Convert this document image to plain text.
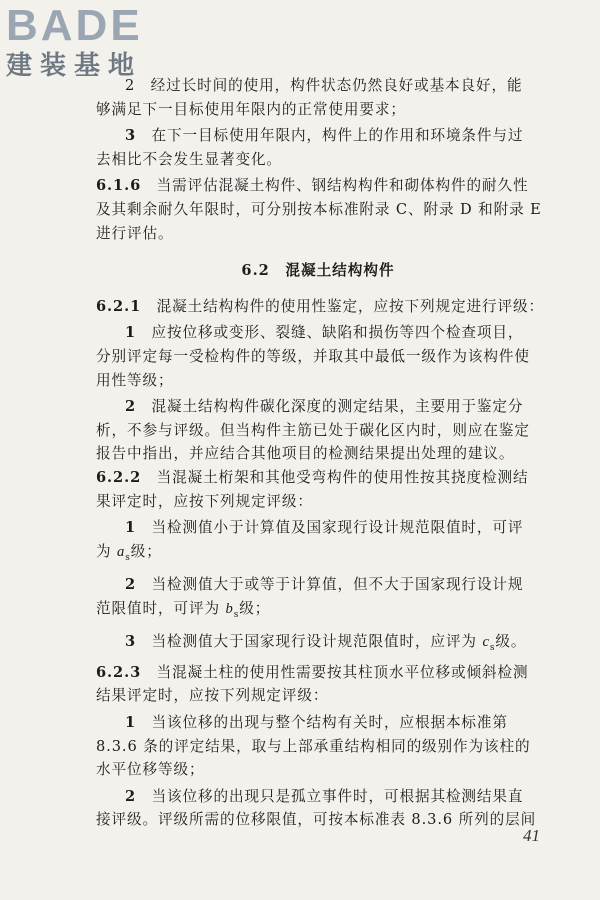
BADE
建装基地
2　经过长时间的使用，构件状态仍然良好或基本良好，能
够满足下一目标使用年限内的正常使用要求；
3　在下一目标使用年限内，构件上的作用和环境条件与过
去相比不会发生显著变化。
6.1.6　当需评估混凝土构件、钢结构构件和砌体构件的耐久性
及其剩余耐久年限时，可分别按本标准附录 C、附录 D 和附录 E
进行评估。
6.2　混凝土结构构件
6.2.1　混凝土结构构件的使用性鉴定，应按下列规定进行评级：
1　应按位移或变形、裂缝、缺陷和损伤等四个检查项目，
分别评定每一受检构件的等级，并取其中最低一级作为该构件使
用性等级；
2　混凝土结构构件碳化深度的测定结果，主要用于鉴定分
析，不参与评级。但当构件主筋已处于碳化区内时，则应在鉴定
报告中指出，并应结合其他项目的检测结果提出处理的建议。
6.2.2　当混凝土桁架和其他受弯构件的使用性按其挠度检测结
果评定时，应按下列规定评级：
1　当检测值小于计算值及国家现行设计规范限值时，可评
为 $a_s$级；
2　当检测值大于或等于计算值，但不大于国家现行设计规
范限值时，可评为 $b_s$级；
3　当检测值大于国家现行设计规范限值时，应评为 $c_s$级。
6.2.3　当混凝土柱的使用性需要按其柱顶水平位移或倾斜检测
结果评定时，应按下列规定评级：
1　当该位移的出现与整个结构有关时，应根据本标准第
8.3.6 条的评定结果，取与上部承重结构相同的级别作为该柱的
水平位移等级；
2　当该位移的出现只是孤立事件时，可根据其检测结果直
接评级。评级所需的位移限值，可按本标准表 8.3.6 所列的层间
41
